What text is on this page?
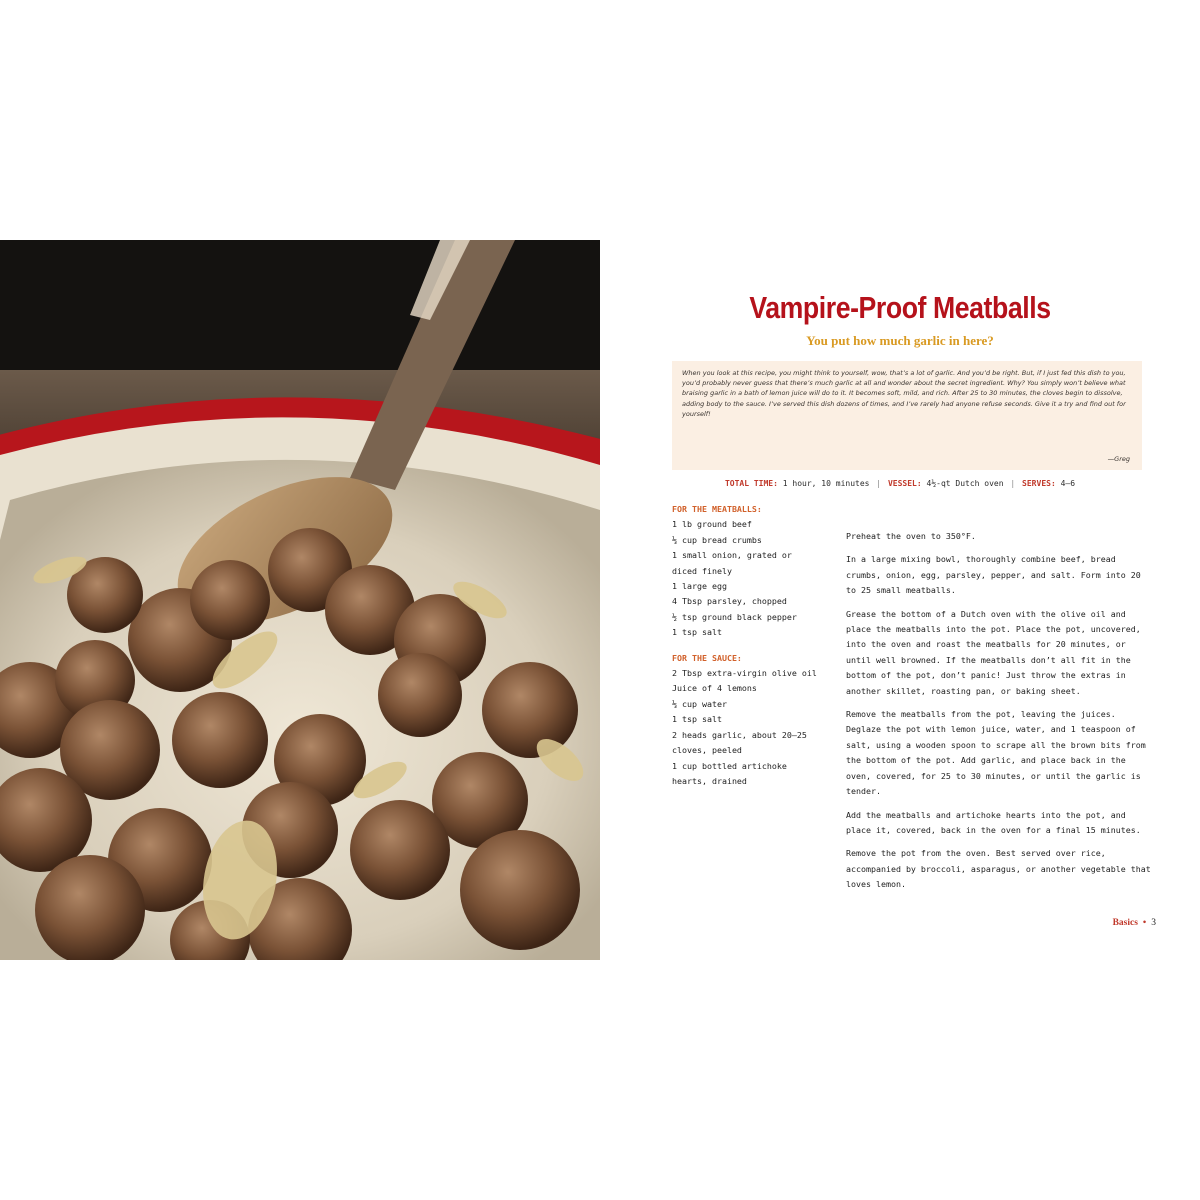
Vampire-Proof Meatballs
You put how much garlic in here?
When you look at this recipe, you might think to yourself, wow, that’s a lot of garlic. And you’d be right. But, if I just fed this dish to you, you’d probably never guess that there’s much garlic at all and wonder about the secret ingredient. Why? You simply won’t believe what braising garlic in a bath of lemon juice will do to it. It becomes soft, mild, and rich. After 25 to 30 minutes, the cloves begin to dissolve, adding body to the sauce. I’ve served this dish dozens of times, and I’ve rarely had anyone refuse seconds. Give it a try and find out for yourself!
—Greg
TOTAL TIME: 1 hour, 10 minutes | VESSEL: 4½-qt Dutch oven | SERVES: 4–6
FOR THE MEATBALLS:
1 lb ground beef
⅓ cup bread crumbs
1 small onion, grated or
diced finely
1 large egg
4 Tbsp parsley, chopped
½ tsp ground black pepper
1 tsp salt
FOR THE SAUCE:
2 Tbsp extra-virgin olive oil
Juice of 4 lemons
⅓ cup water
1 tsp salt
2 heads garlic, about 20–25
cloves, peeled
1 cup bottled artichoke
hearts, drained

Preheat the oven to 350°F.

In a large mixing bowl, thoroughly combine beef, bread crumbs, onion, egg, parsley, pepper, and salt. Form into 20 to 25 small meatballs.

Grease the bottom of a Dutch oven with the olive oil and place the meatballs into the pot. Place the pot, uncovered, into the oven and roast the meatballs for 20 minutes, or until well browned. If the meatballs don’t all fit in the bottom of the pot, don’t panic! Just throw the extras in another skillet, roasting pan, or baking sheet.

Remove the meatballs from the pot, leaving the juices. Deglaze the pot with lemon juice, water, and 1 teaspoon of salt, using a wooden spoon to scrape all the brown bits from the bottom of the pot. Add garlic, and place back in the oven, covered, for 25 to 30 minutes, or until the garlic is tender.

Add the meatballs and artichoke hearts into the pot, and place it, covered, back in the oven for a final 15 minutes.

Remove the pot from the oven. Best served over rice, accompanied by broccoli, asparagus, or another vegetable that loves lemon.

Basics • 3
